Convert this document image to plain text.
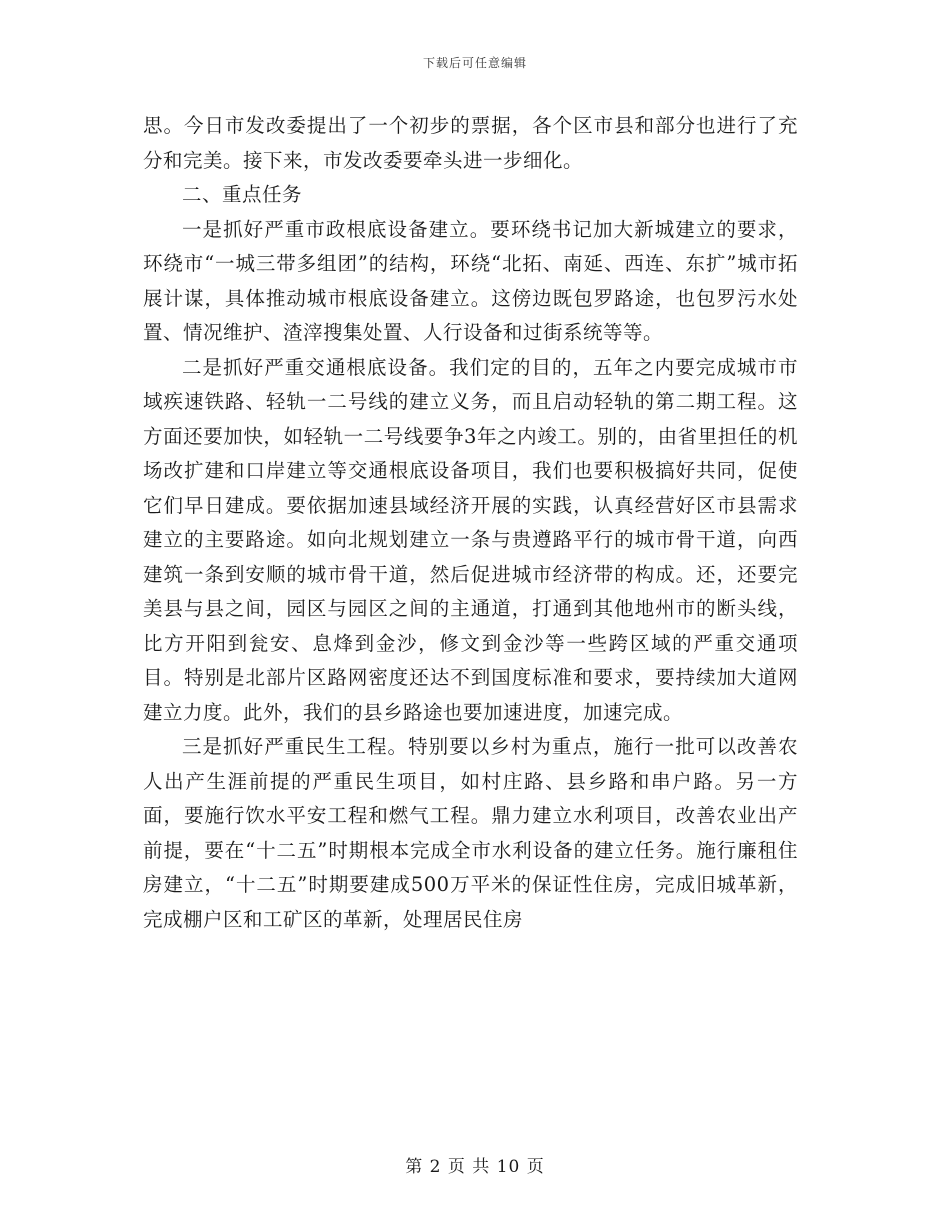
下载后可任意编辑

思。今日市发改委提出了一个初步的票据，各个区市县和部分也进行了充分和完美。接下来，市发改委要牵头进一步细化。

二、重点任务

一是抓好严重市政根底设备建立。要环绕书记加大新城建立的要求，环绕市“一城三带多组团”的结构，环绕“北拓、南延、西连、东扩”城市拓展计谋，具体推动城市根底设备建立。这傍边既包罗路途，也包罗污水处置、情况维护、渣滓搜集处置、人行设备和过街系统等等。

二是抓好严重交通根底设备。我们定的目的，五年之内要完成城市市域疾速铁路、轻轨一二号线的建立义务，而且启动轻轨的第二期工程。这方面还要加快，如轻轨一二号线要争3年之内竣工。别的，由省里担任的机场改扩建和口岸建立等交通根底设备项目，我们也要积极搞好共同，促使它们早日建成。要依据加速县域经济开展的实践，认真经营好区市县需求建立的主要路途。如向北规划建立一条与贵遵路平行的城市骨干道，向西建筑一条到安顺的城市骨干道，然后促进城市经济带的构成。还，还要完美县与县之间，园区与园区之间的主通道，打通到其他地州市的断头线，比方开阳到瓮安、息烽到金沙，修文到金沙等一些跨区域的严重交通项目。特别是北部片区路网密度还达不到国度标准和要求，要持续加大道网建立力度。此外，我们的县乡路途也要加速进度，加速完成。

三是抓好严重民生工程。特别要以乡村为重点，施行一批可以改善农人出产生涯前提的严重民生项目，如村庄路、县乡路和串户路。另一方面，要施行饮水平安工程和燃气工程。鼎力建立水利项目，改善农业出产前提，要在“十二五”时期根本完成全市水利设备的建立任务。施行廉租住房建立，“十二五”时期要建成500万平米的保证性住房，完成旧城革新，完成棚户区和工矿区的革新，处理居民住房

第 2 页 共 10 页
